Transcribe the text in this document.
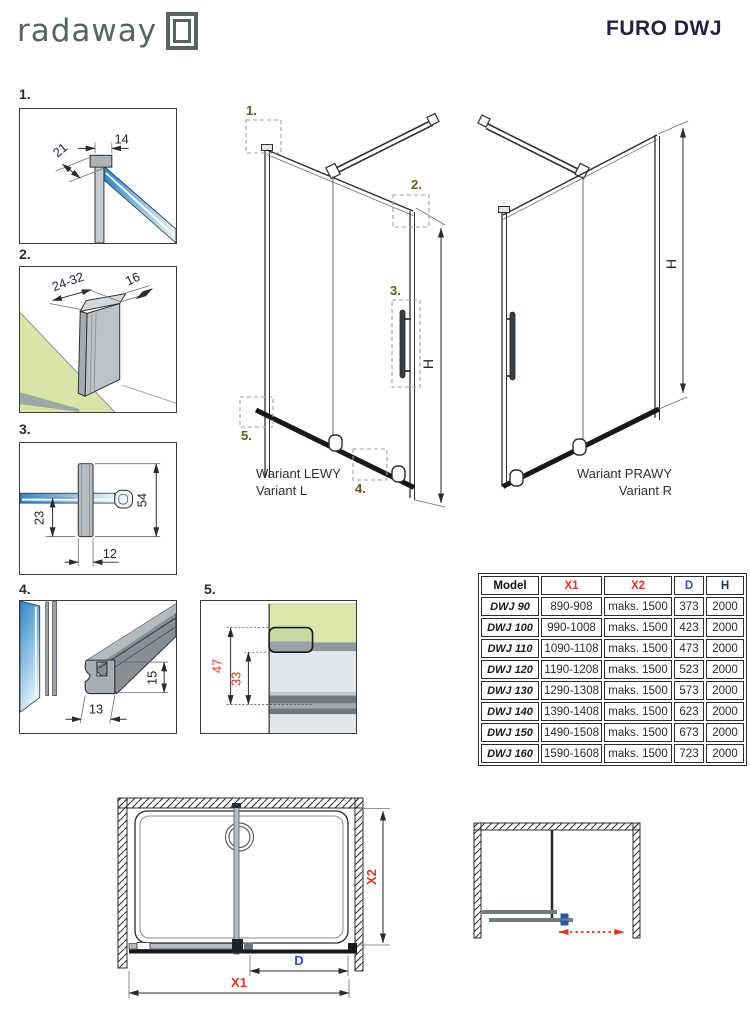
radaway	FURO DWJ
1.
14
21
2.
24-32	16
3.
23
54
12
4.
13
15
5.
47
33
H
1.
2.
3.
4.
5.
Wariant LEWY
Variant L
H
Wariant PRAWY
Variant R
Model	X1	X2	D	H
DWJ 90	890-908	maks. 1500	373	2000
DWJ 100	990-1008	maks. 1500	423	2000
DWJ 110	1090-1108	maks. 1500	473	2000
DWJ 120	1190-1208	maks. 1500	523	2000
DWJ 130	1290-1308	maks. 1500	573	2000
DWJ 140	1390-1408	maks. 1500	623	2000
DWJ 150	1490-1508	maks. 1500	673	2000
DWJ 160	1590-1608	maks. 1500	723	2000
X2
D
X1
